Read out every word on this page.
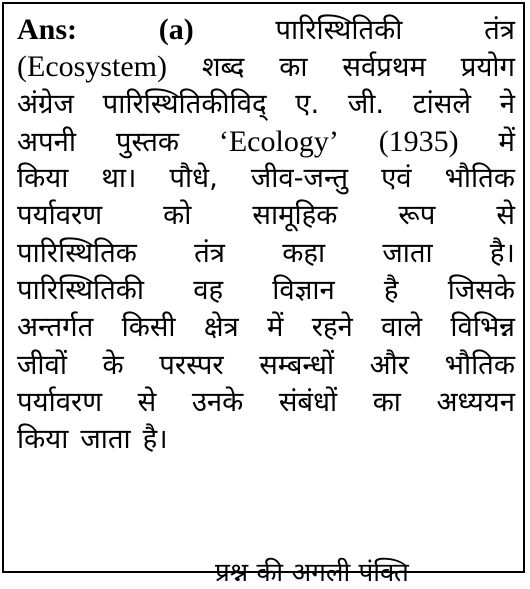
Ans:	(a)	पारिस्थितिकी	तंत्र
(Ecosystem) शब्द का सर्वप्रथम प्रयोग
अंग्रेज पारिस्थितिकीविद् ए. जी. टांसले ने
अपनी पुस्तक ‘Ecology’ (1935) में
किया था। पौधे, जीव-जन्तु एवं भौतिक
पर्यावरण को सामूहिक रूप से
पारिस्थितिक तंत्र कहा जाता है।
पारिस्थितिकी वह विज्ञान है जिसके
अन्तर्गत किसी क्षेत्र में रहने वाले विभिन्न
जीवों के परस्पर सम्बन्धों और भौतिक
पर्यावरण से उनके संबंधों का अध्ययन
किया जाता है।
प्रश्न की अगली पंक्ति
